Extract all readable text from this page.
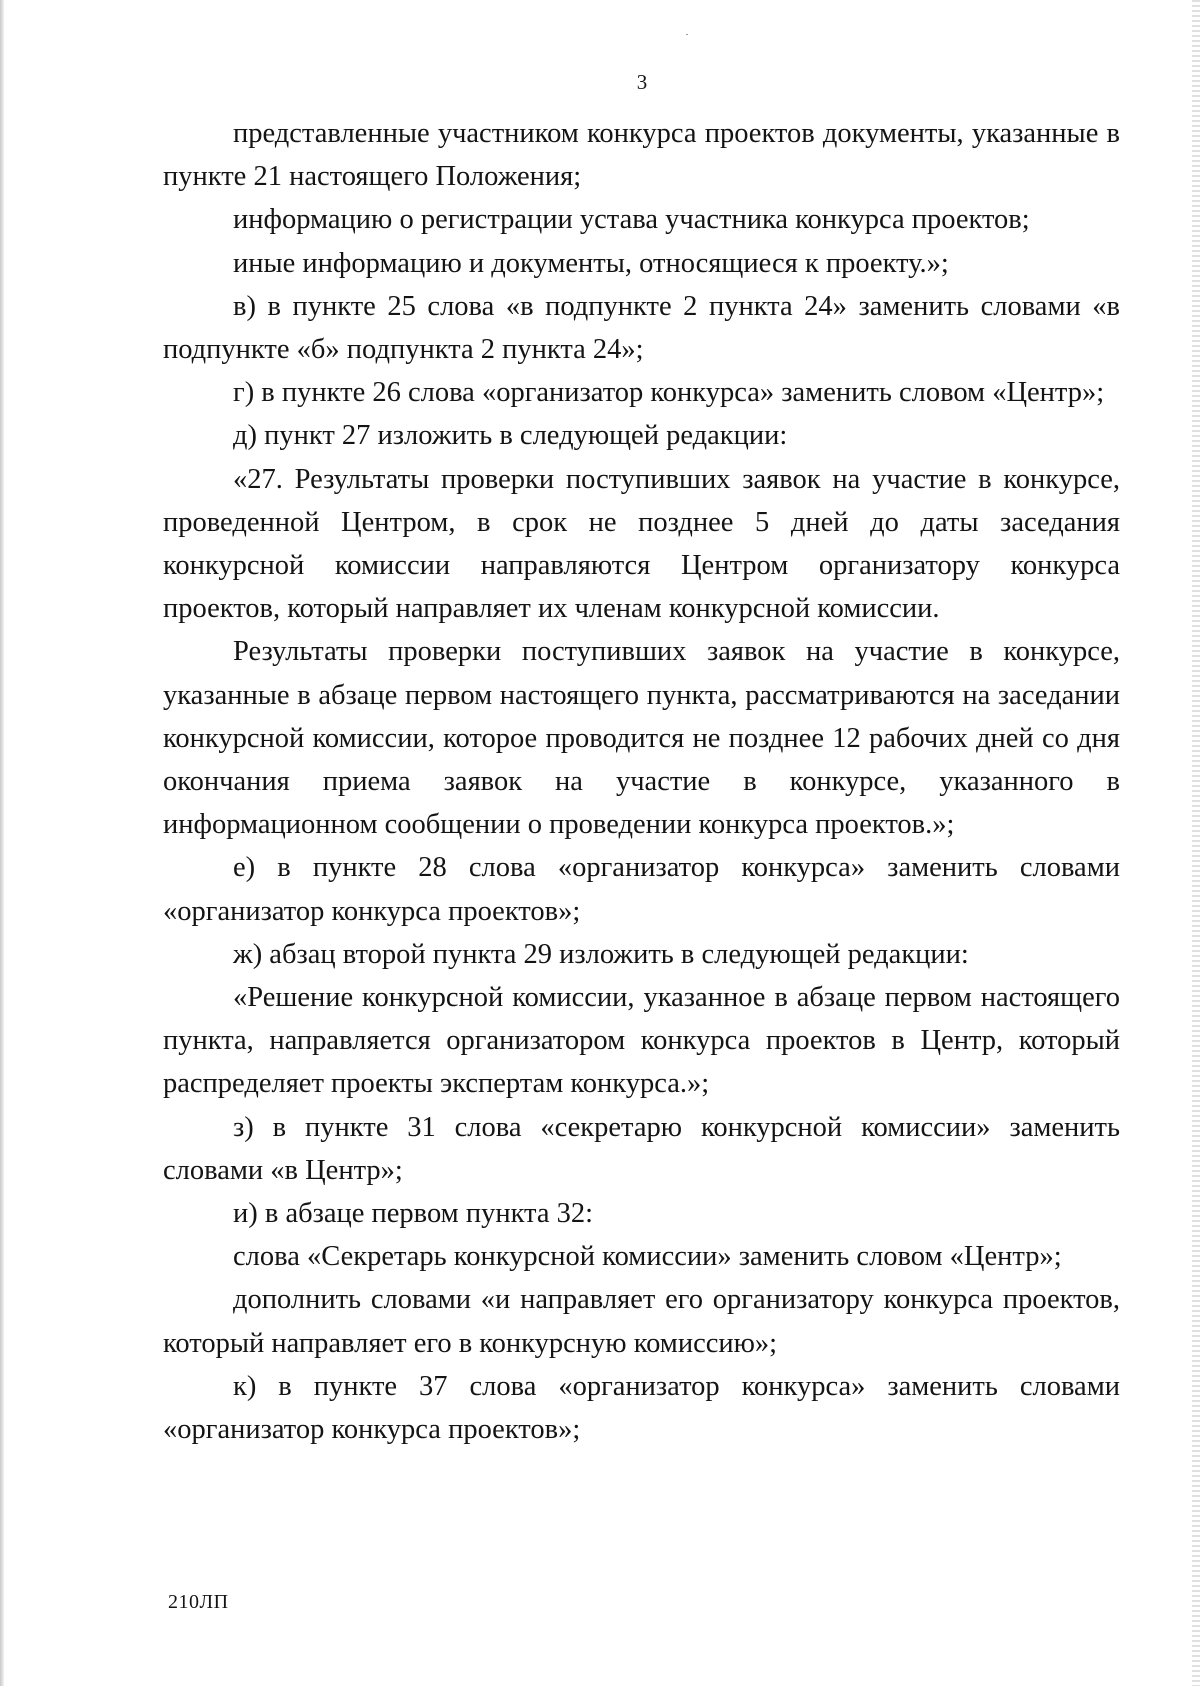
3

представленные участником конкурса проектов документы, указанные в пункте 21 настоящего Положения;

информацию о регистрации устава участника конкурса проектов;

иные информацию и документы, относящиеся к проекту.»;

в) в пункте 25 слова «в подпункте 2 пункта 24» заменить словами «в подпункте «б» подпункта 2 пункта 24»;

г) в пункте 26 слова «организатор конкурса» заменить словом «Центр»;

д) пункт 27 изложить в следующей редакции:

«27. Результаты проверки поступивших заявок на участие в конкурсе, проведенной Центром, в срок не позднее 5 дней до даты заседания конкурсной комиссии направляются Центром организатору конкурса проектов, который направляет их членам конкурсной комиссии.

Результаты проверки поступивших заявок на участие в конкурсе, указанные в абзаце первом настоящего пункта, рассматриваются на заседании конкурсной комиссии, которое проводится не позднее 12 рабочих дней со дня окончания приема заявок на участие в конкурсе, указанного в информационном сообщении о проведении конкурса проектов.»;

е) в пункте 28 слова «организатор конкурса» заменить словами «организатор конкурса проектов»;

ж) абзац второй пункта 29 изложить в следующей редакции:

«Решение конкурсной комиссии, указанное в абзаце первом настоящего пункта, направляется организатором конкурса проектов в Центр, который распределяет проекты экспертам конкурса.»;

з) в пункте 31 слова «секретарю конкурсной комиссии» заменить словами «в Центр»;

и) в абзаце первом пункта 32:

слова «Секретарь конкурсной комиссии» заменить словом «Центр»;

дополнить словами «и направляет его организатору конкурса проектов, который направляет его в конкурсную комиссию»;

к) в пункте 37 слова «организатор конкурса» заменить словами «организатор конкурса проектов»;

210ЛП
